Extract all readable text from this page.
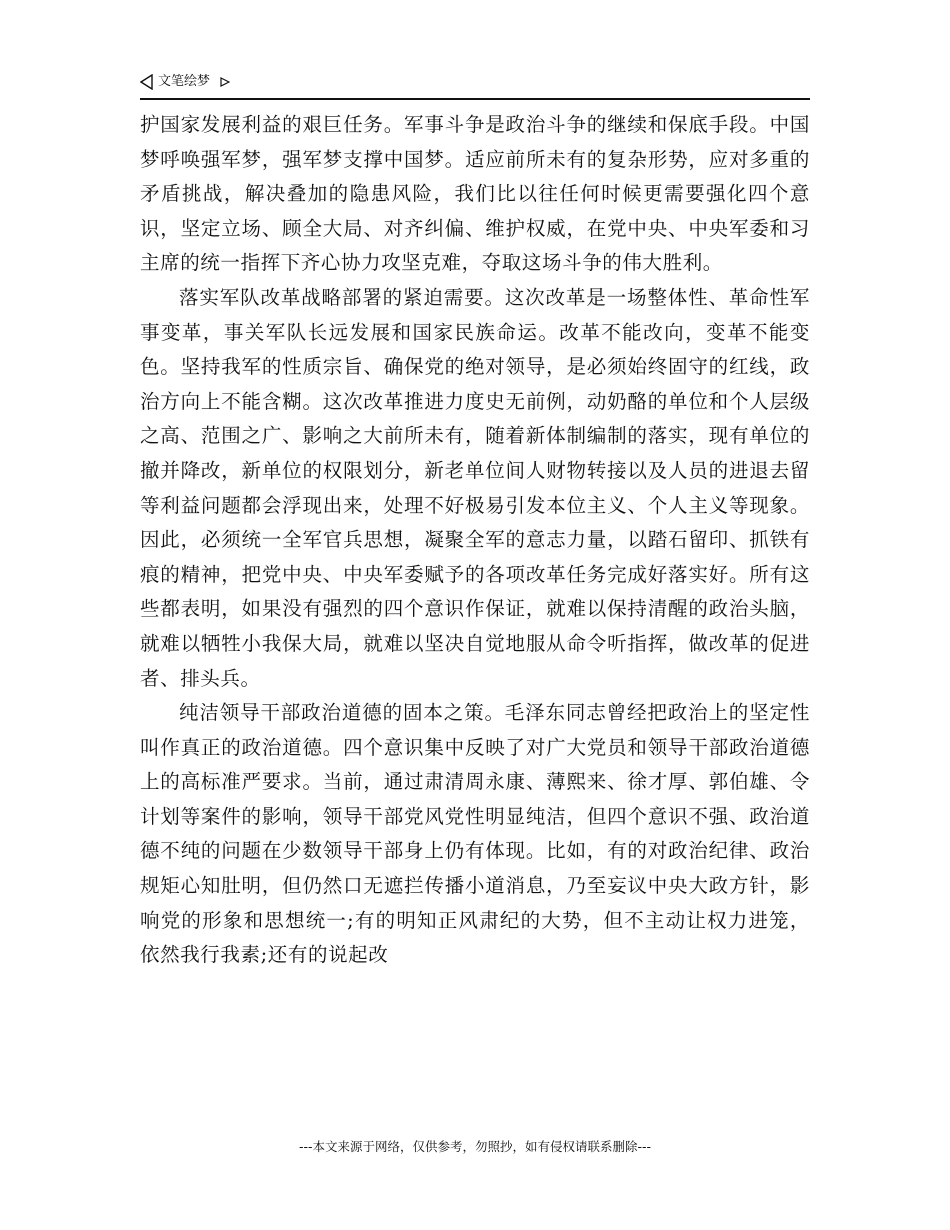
文笔绘梦

护国家发展利益的艰巨任务。军事斗争是政治斗争的继续和保底手段。中国梦呼唤强军梦，强军梦支撑中国梦。适应前所未有的复杂形势，应对多重的矛盾挑战，解决叠加的隐患风险，我们比以往任何时候更需要强化四个意识，坚定立场、顾全大局、对齐纠偏、维护权威，在党中央、中央军委和习主席的统一指挥下齐心协力攻坚克难，夺取这场斗争的伟大胜利。

落实军队改革战略部署的紧迫需要。这次改革是一场整体性、革命性军事变革，事关军队长远发展和国家民族命运。改革不能改向，变革不能变色。坚持我军的性质宗旨、确保党的绝对领导，是必须始终固守的红线，政治方向上不能含糊。这次改革推进力度史无前例，动奶酪的单位和个人层级之高、范围之广、影响之大前所未有，随着新体制编制的落实，现有单位的撤并降改，新单位的权限划分，新老单位间人财物转接以及人员的进退去留等利益问题都会浮现出来，处理不好极易引发本位主义、个人主义等现象。因此，必须统一全军官兵思想，凝聚全军的意志力量，以踏石留印、抓铁有痕的精神，把党中央、中央军委赋予的各项改革任务完成好落实好。所有这些都表明，如果没有强烈的四个意识作保证，就难以保持清醒的政治头脑，就难以牺牲小我保大局，就难以坚决自觉地服从命令听指挥，做改革的促进者、排头兵。

纯洁领导干部政治道德的固本之策。毛泽东同志曾经把政治上的坚定性叫作真正的政治道德。四个意识集中反映了对广大党员和领导干部政治道德上的高标准严要求。当前，通过肃清周永康、薄熙来、徐才厚、郭伯雄、令计划等案件的影响，领导干部党风党性明显纯洁，但四个意识不强、政治道德不纯的问题在少数领导干部身上仍有体现。比如，有的对政治纪律、政治规矩心知肚明，但仍然口无遮拦传播小道消息，乃至妄议中央大政方针，影响党的形象和思想统一;有的明知正风肃纪的大势，但不主动让权力进笼，依然我行我素;还有的说起改

---本文来源于网络，仅供参考，勿照抄，如有侵权请联系删除---
